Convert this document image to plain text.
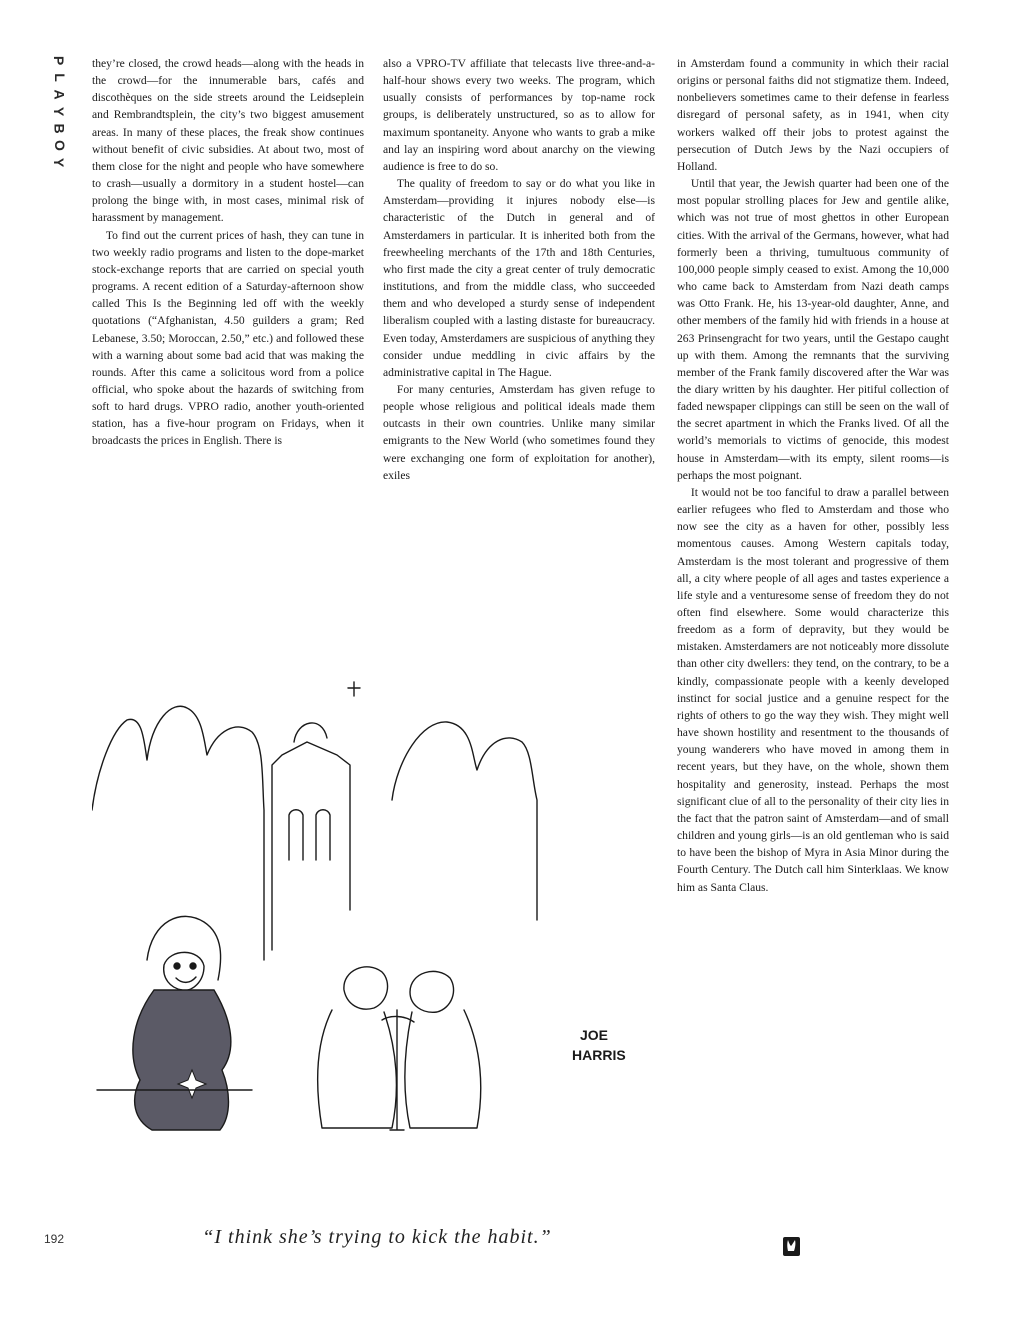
P
L
A
Y
B
O
Y

they’re closed, the crowd heads—along with the heads in the crowd—for the innumerable bars, cafés and discothèques on the side streets around the Leidseplein and Rembrandtsplein, the city’s two biggest amusement areas. In many of these places, the freak show continues without benefit of civic subsidies. At about two, most of them close for the night and people who have somewhere to crash—usually a dormitory in a student hostel—can prolong the binge with, in most cases, minimal risk of harassment by management.

To find out the current prices of hash, they can tune in two weekly radio programs and listen to the dope-market stock-exchange reports that are carried on special youth programs. A recent edition of a Saturday-afternoon show called This Is the Beginning led off with the weekly quotations (“Afghanistan, 4.50 guilders a gram; Red Lebanese, 3.50; Moroccan, 2.50,” etc.) and followed these with a warning about some bad acid that was making the rounds. After this came a solicitous word from a police official, who spoke about the hazards of switching from soft to hard drugs. VPRO radio, another youth-oriented station, has a five-hour program on Fridays, when it broadcasts the prices in English. There is

also a VPRO-TV affiliate that telecasts live three-and-a-half-hour shows every two weeks. The program, which usually consists of performances by top-name rock groups, is deliberately unstructured, so as to allow for maximum spontaneity. Anyone who wants to grab a mike and lay an inspiring word about anarchy on the viewing audience is free to do so.

The quality of freedom to say or do what you like in Amsterdam—providing it injures nobody else—is characteristic of the Dutch in general and of Amsterdamers in particular. It is inherited both from the freewheeling merchants of the 17th and 18th Centuries, who first made the city a great center of truly democratic institutions, and from the middle class, who succeeded them and who developed a sturdy sense of independent liberalism coupled with a lasting distaste for bureaucracy. Even today, Amsterdamers are suspicious of anything they consider undue meddling in civic affairs by the administrative capital in The Hague.

For many centuries, Amsterdam has given refuge to people whose religious and political ideals made them outcasts in their own countries. Unlike many similar emigrants to the New World (who sometimes found they were exchanging one form of exploitation for another), exiles

in Amsterdam found a community in which their racial origins or personal faiths did not stigmatize them. Indeed, nonbelievers sometimes came to their defense in fearless disregard of personal safety, as in 1941, when city workers walked off their jobs to protest against the persecution of Dutch Jews by the Nazi occupiers of Holland.

Until that year, the Jewish quarter had been one of the most popular strolling places for Jew and gentile alike, which was not true of most ghettos in other European cities. With the arrival of the Germans, however, what had formerly been a thriving, tumultuous community of 100,000 people simply ceased to exist. Among the 10,000 who came back to Amsterdam from Nazi death camps was Otto Frank. He, his 13-year-old daughter, Anne, and other members of the family hid with friends in a house at 263 Prinsengracht for two years, until the Gestapo caught up with them. Among the remnants that the surviving member of the Frank family discovered after the War was the diary written by his daughter. Her pitiful collection of faded newspaper clippings can still be seen on the wall of the secret apartment in which the Franks lived. Of all the world’s memorials to victims of genocide, this modest house in Amsterdam—with its empty, silent rooms—is perhaps the most poignant.

It would not be too fanciful to draw a parallel between earlier refugees who fled to Amsterdam and those who now see the city as a haven for other, possibly less momentous causes. Among Western capitals today, Amsterdam is the most tolerant and progressive of them all, a city where people of all ages and tastes experience a life style and a venturesome sense of freedom they do not often find elsewhere. Some would characterize this freedom as a form of depravity, but they would be mistaken. Amsterdamers are not noticeably more dissolute than other city dwellers: they tend, on the contrary, to be a kindly, compassionate people with a keenly developed instinct for social justice and a genuine respect for the rights of others to go the way they wish. They might well have shown hostility and resentment to the thousands of young wanderers who have moved in among them in recent years, but they have, on the whole, shown them hospitality and generosity, instead. Perhaps the most significant clue of all to the personality of their city lies in the fact that the patron saint of Amsterdam—and of small children and young girls—is an old gentleman who is said to have been the bishop of Myra in Asia Minor during the Fourth Century. The Dutch call him Sinterklaas. We know him as Santa Claus.

JOE
HARRIS
“I think she’s trying to kick the habit.”
192
